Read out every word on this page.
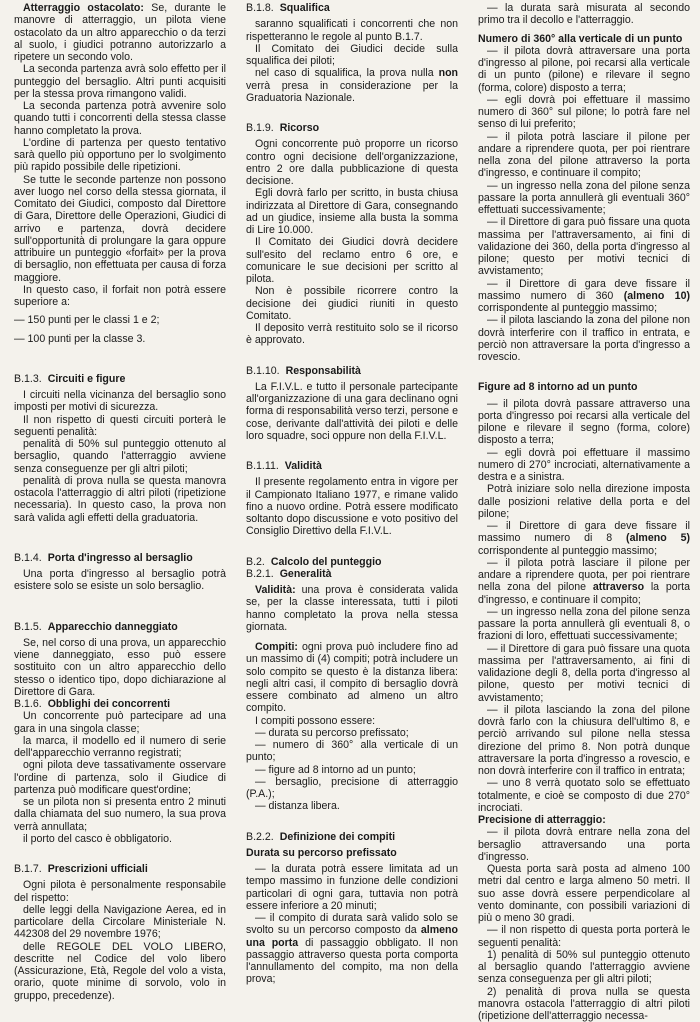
Atterraggio ostacolato: Se, durante le manovre di atterraggio, un pilota viene ostacolato da un altro apparecchio o da terzi al suolo, i giudici potranno autorizzarlo a ripetere un secondo volo.

La seconda partenza avrà solo effetto per il punteggio del bersaglio. Altri punti acquisiti per la stessa prova rimangono validi.

La seconda partenza potrà avvenire solo quando tutti i concorrenti della stessa classe hanno completato la prova.

L'ordine di partenza per questo tentativo sarà quello più opportuno per lo svolgimento più rapido possibile delle ripetizioni.

Se tutte le seconde partenze non possono aver luogo nel corso della stessa giornata, il Comitato dei Giudici, composto dal Direttore di Gara, Direttore delle Operazioni, Giudici di arrivo e partenza, dovrà decidere sull'opportunità di prolungare la gara oppure attribuire un punteggio «forfait» per la prova di bersaglio, non effettuata per causa di forza maggiore.

In questo caso, il forfait non potrà essere superiore a:

— 150 punti per le classi 1 e 2;

— 100 punti per la classe 3.

B.1.3. Circuiti e figure

I circuiti nella vicinanza del bersaglio sono imposti per motivi di sicurezza.

Il non rispetto di questi circuiti porterà le seguenti penalità:

penalità di 50% sul punteggio ottenuto al bersaglio, quando l'atterraggio avviene senza conseguenze per gli altri piloti;

penalità di prova nulla se questa manovra ostacola l'atterraggio di altri piloti (ripetizione necessaria). In questo caso, la prova non sarà valida agli effetti della graduatoria.

B.1.4. Porta d'ingresso al bersaglio

Una porta d'ingresso al bersaglio potrà esistere solo se esiste un solo bersaglio.

B.1.5. Apparecchio danneggiato

Se, nel corso di una prova, un apparecchio viene danneggiato, esso può essere sostituito con un altro apparecchio dello stesso o identico tipo, dopo dichiarazione al Direttore di Gara.

B.1.6. Obblighi dei concorrenti

Un concorrente può partecipare ad una gara in una singola classe;

la marca, il modello ed il numero di serie dell'apparecchio verranno registrati;

ogni pilota deve tassativamente osservare l'ordine di partenza, solo il Giudice di partenza può modificare quest'ordine;

se un pilota non si presenta entro 2 minuti dalla chiamata del suo numero, la sua prova verrà annullata;

il porto del casco è obbligatorio.

B.1.7. Prescrizioni ufficiali

Ogni pilota è personalmente responsabile del rispetto:

delle leggi della Navigazione Aerea, ed in particolare della Circolare Ministeriale N. 442308 del 29 novembre 1976;

delle REGOLE DEL VOLO LIBERO, descritte nel Codice del volo libero (Assicurazione, Età, Regole del volo a vista, orario, quote minime di sorvolo, volo in gruppo, precedenze).

B.1.8. Squalifica

saranno squalificati i concorrenti che non rispetteranno le regole al punto B.1.7.

Il Comitato dei Giudici decide sulla squalifica dei piloti;

nel caso di squalifica, la prova nulla non verrà presa in considerazione per la Graduatoria Nazionale.

B.1.9. Ricorso

Ogni concorrente può proporre un ricorso contro ogni decisione dell'organizzazione, entro 2 ore dalla pubblicazione di questa decisione.

Egli dovrà farlo per scritto, in busta chiusa indirizzata al Direttore di Gara, consegnando ad un giudice, insieme alla busta la somma di Lire 10.000.

Il Comitato dei Giudici dovrà decidere sull'esito del reclamo entro 6 ore, e comunicare le sue decisioni per scritto al pilota.

Non è possibile ricorrere contro la decisione dei giudici riuniti in questo Comitato.

Il deposito verrà restituito solo se il ricorso è approvato.

B.1.10. Responsabilità

La F.I.V.L. e tutto il personale partecipante all'organizzazione di una gara declinano ogni forma di responsabilità verso terzi, persone e cose, derivante dall'attività dei piloti e delle loro squadre, soci oppure non della F.I.V.L.

B.1.11. Validità

Il presente regolamento entra in vigore per il Campionato Italiano 1977, e rimane valido fino a nuovo ordine. Potrà essere modificato soltanto dopo discussione e voto positivo del Consiglio Direttivo della F.I.V.L.

B.2. Calcolo del punteggio

B.2.1. Generalità

Validità: una prova è considerata valida se, per la classe interessata, tutti i piloti hanno completato la prova nella stessa giornata.

Compiti: ogni prova può includere fino ad un massimo di (4) compiti; potrà includere un solo compito se questo è la distanza libera: negli altri casi, il compito di bersaglio dovrà essere combinato ad almeno un altro compito.

I compiti possono essere:

— durata su percorso prefissato;

— numero di 360° alla verticale di un punto;

— figure ad 8 intorno ad un punto;

— bersaglio, precisione di atterraggio (P.A.);

— distanza libera.

B.2.2. Definizione dei compiti

Durata su percorso prefissato

— la durata potrà essere limitata ad un tempo massimo in funzione delle condizioni particolari di ogni gara, tuttavia non potrà essere inferiore a 20 minuti;

— il compito di durata sarà valido solo se svolto su un percorso composto da almeno una porta di passaggio obbligato. Il non passaggio attraverso questa porta comporta l'annullamento del compito, ma non della prova;

— la durata sarà misurata al secondo primo tra il decollo e l'atterraggio.

Numero di 360° alla verticale di un punto

— il pilota dovrà attraversare una porta d'ingresso al pilone, poi recarsi alla verticale di un punto (pilone) e rilevare il segno (forma, colore) disposto a terra;

— egli dovrà poi effettuare il massimo numero di 360° sul pilone; lo potrà fare nel senso di lui preferito;

— il pilota potrà lasciare il pilone per andare a riprendere quota, per poi rientrare nella zona del pilone attraverso la porta d'ingresso, e continuare il compito;

— un ingresso nella zona del pilone senza passare la porta annullerà gli eventuali 360° effettuati successivamente;

— il Direttore di gara può fissare una quota massima per l'attraversamento, ai fini di validazione dei 360, della porta d'ingresso al pilone; questo per motivi tecnici di avvistamento;

— il Direttore di gara deve fissare il massimo numero di 360 (almeno 10) corrispondente al punteggio massimo;

— il pilota lasciando la zona del pilone non dovrà interferire con il traffico in entrata, e perciò non attraversare la porta d'ingresso a rovescio.

Figure ad 8 intorno ad un punto

— il pilota dovrà passare attraverso una porta d'ingresso poi recarsi alla verticale del pilone e rilevare il segno (forma, colore) disposto a terra;

— egli dovrà poi effettuare il massimo numero di 270° incrociati, alternativamente a destra e a sinistra.

Potrà iniziare solo nella direzione imposta dalle posizioni relative della porta e del pilone;

— il Direttore di gara deve fissare il massimo numero di 8 (almeno 5) corrispondente al punteggio massimo;

— il pilota potrà lasciare il pilone per andare a riprendere quota, per poi rientrare nella zona del pilone attraverso la porta d'ingresso, e continuare il compito;

— un ingresso nella zona del pilone senza passare la porta annullerà gli eventuali 8, o frazioni di loro, effettuati successivamente;

— il Direttore di gara può fissare una quota massima per l'attraversamento, ai fini di validazione degli 8, della porta d'ingresso al pilone, questo per motivi tecnici di avvistamento;

— il pilota lasciando la zona del pilone dovrà farlo con la chiusura dell'ultimo 8, e perciò arrivando sul pilone nella stessa direzione del primo 8. Non potrà dunque attraversare la porta d'ingresso a rovescio, e non dovrà interferire con il traffico in entrata;

— uno 8 verrà quotato solo se effettuato totalmente, e cioè se composto di due 270° incrociati.

Precisione di atterraggio:

— il pilota dovrà entrare nella zona del bersaglio attraversando una porta d'ingresso.

Questa porta sarà posta ad almeno 100 metri dal centro e larga almeno 50 metri. Il suo asse dovrà essere perpendicolare al vento dominante, con possibili variazioni di più o meno 30 gradi.

— il non rispetto di questa porta porterà le seguenti penalità:

1) penalità di 50% sul punteggio ottenuto al bersaglio quando l'atterraggio avviene senza conseguenza per gli altri piloti;

2) penalità di prova nulla se questa manovra ostacola l'atterraggio di altri piloti (ripetizione dell'atterraggio necessa-
